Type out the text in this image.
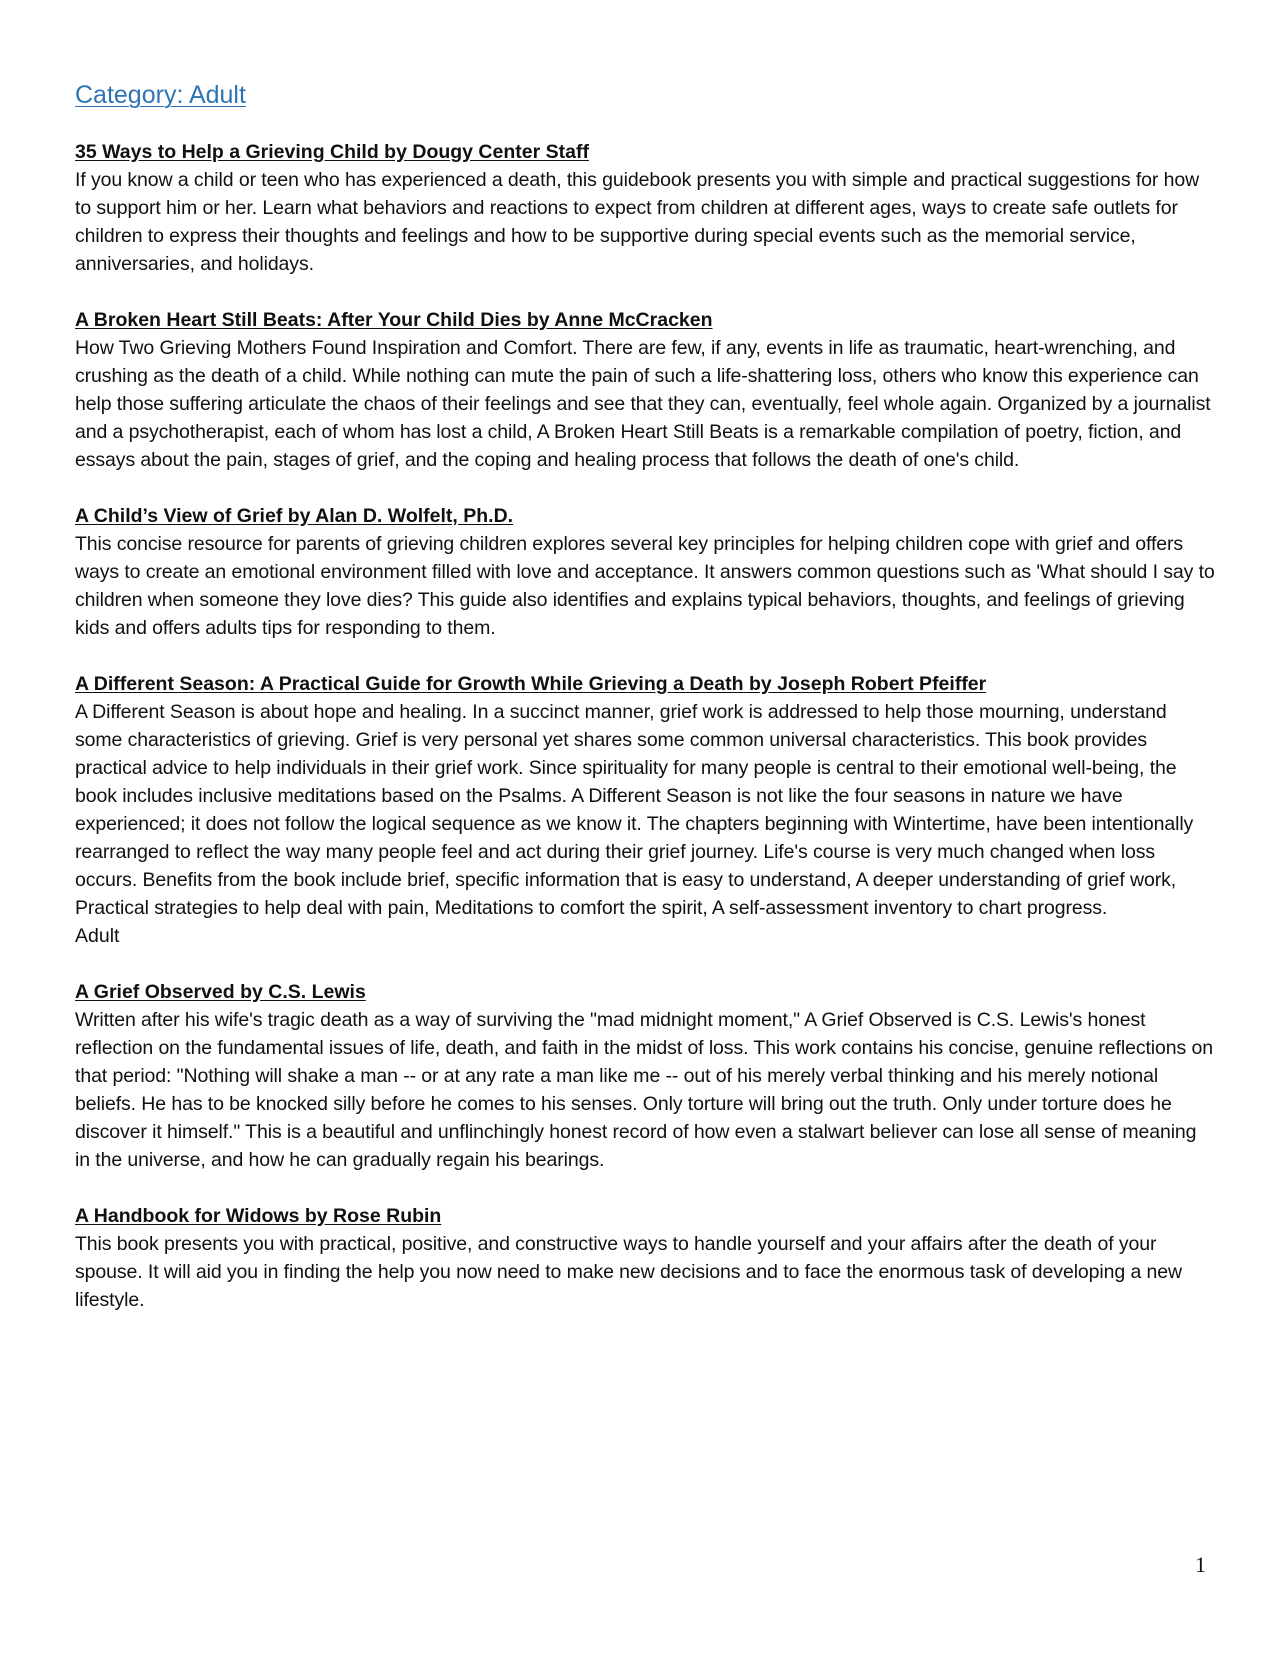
Category: Adult

35 Ways to Help a Grieving Child by Dougy Center Staff

If you know a child or teen who has experienced a death, this guidebook presents you with simple and practical suggestions for how to support him or her. Learn what behaviors and reactions to expect from children at different ages, ways to create safe outlets for children to express their thoughts and feelings and how to be supportive during special events such as the memorial service, anniversaries, and holidays.

A Broken Heart Still Beats: After Your Child Dies by Anne McCracken

How Two Grieving Mothers Found Inspiration and Comfort. There are few, if any, events in life as traumatic, heart-wrenching, and crushing as the death of a child. While nothing can mute the pain of such a life-shattering loss, others who know this experience can help those suffering articulate the chaos of their feelings and see that they can, eventually, feel whole again. Organized by a journalist and a psychotherapist, each of whom has lost a child, A Broken Heart Still Beats is a remarkable compilation of poetry, fiction, and essays about the pain, stages of grief, and the coping and healing process that follows the death of one's child.

A Child’s View of Grief by Alan D. Wolfelt, Ph.D.

This concise resource for parents of grieving children explores several key principles for helping children cope with grief and offers ways to create an emotional environment filled with love and acceptance. It answers common questions such as 'What should I say to children when someone they love dies? This guide also identifies and explains typical behaviors, thoughts, and feelings of grieving kids and offers adults tips for responding to them.

A Different Season: A Practical Guide for Growth While Grieving a Death by Joseph Robert Pfeiffer

A Different Season is about hope and healing. In a succinct manner, grief work is addressed to help those mourning, understand some characteristics of grieving. Grief is very personal yet shares some common universal characteristics. This book provides practical advice to help individuals in their grief work. Since spirituality for many people is central to their emotional well-being, the book includes inclusive meditations based on the Psalms. A Different Season is not like the four seasons in nature we have experienced; it does not follow the logical sequence as we know it. The chapters beginning with Wintertime, have been intentionally rearranged to reflect the way many people feel and act during their grief journey. Life's course is very much changed when loss occurs. Benefits from the book include brief, specific information that is easy to understand, A deeper understanding of grief work, Practical strategies to help deal with pain, Meditations to comfort the spirit, A self-assessment inventory to chart progress.

Adult

A Grief Observed by C.S. Lewis

Written after his wife's tragic death as a way of surviving the "mad midnight moment," A Grief Observed is C.S. Lewis's honest reflection on the fundamental issues of life, death, and faith in the midst of loss. This work contains his concise, genuine reflections on that period: "Nothing will shake a man -- or at any rate a man like me -- out of his merely verbal thinking and his merely notional beliefs. He has to be knocked silly before he comes to his senses. Only torture will bring out the truth. Only under torture does he discover it himself." This is a beautiful and unflinchingly honest record of how even a stalwart believer can lose all sense of meaning in the universe, and how he can gradually regain his bearings.

A Handbook for Widows by Rose Rubin

This book presents you with practical, positive, and constructive ways to handle yourself and your affairs after the death of your spouse. It will aid you in finding the help you now need to make new decisions and to face the enormous task of developing a new lifestyle.

1
